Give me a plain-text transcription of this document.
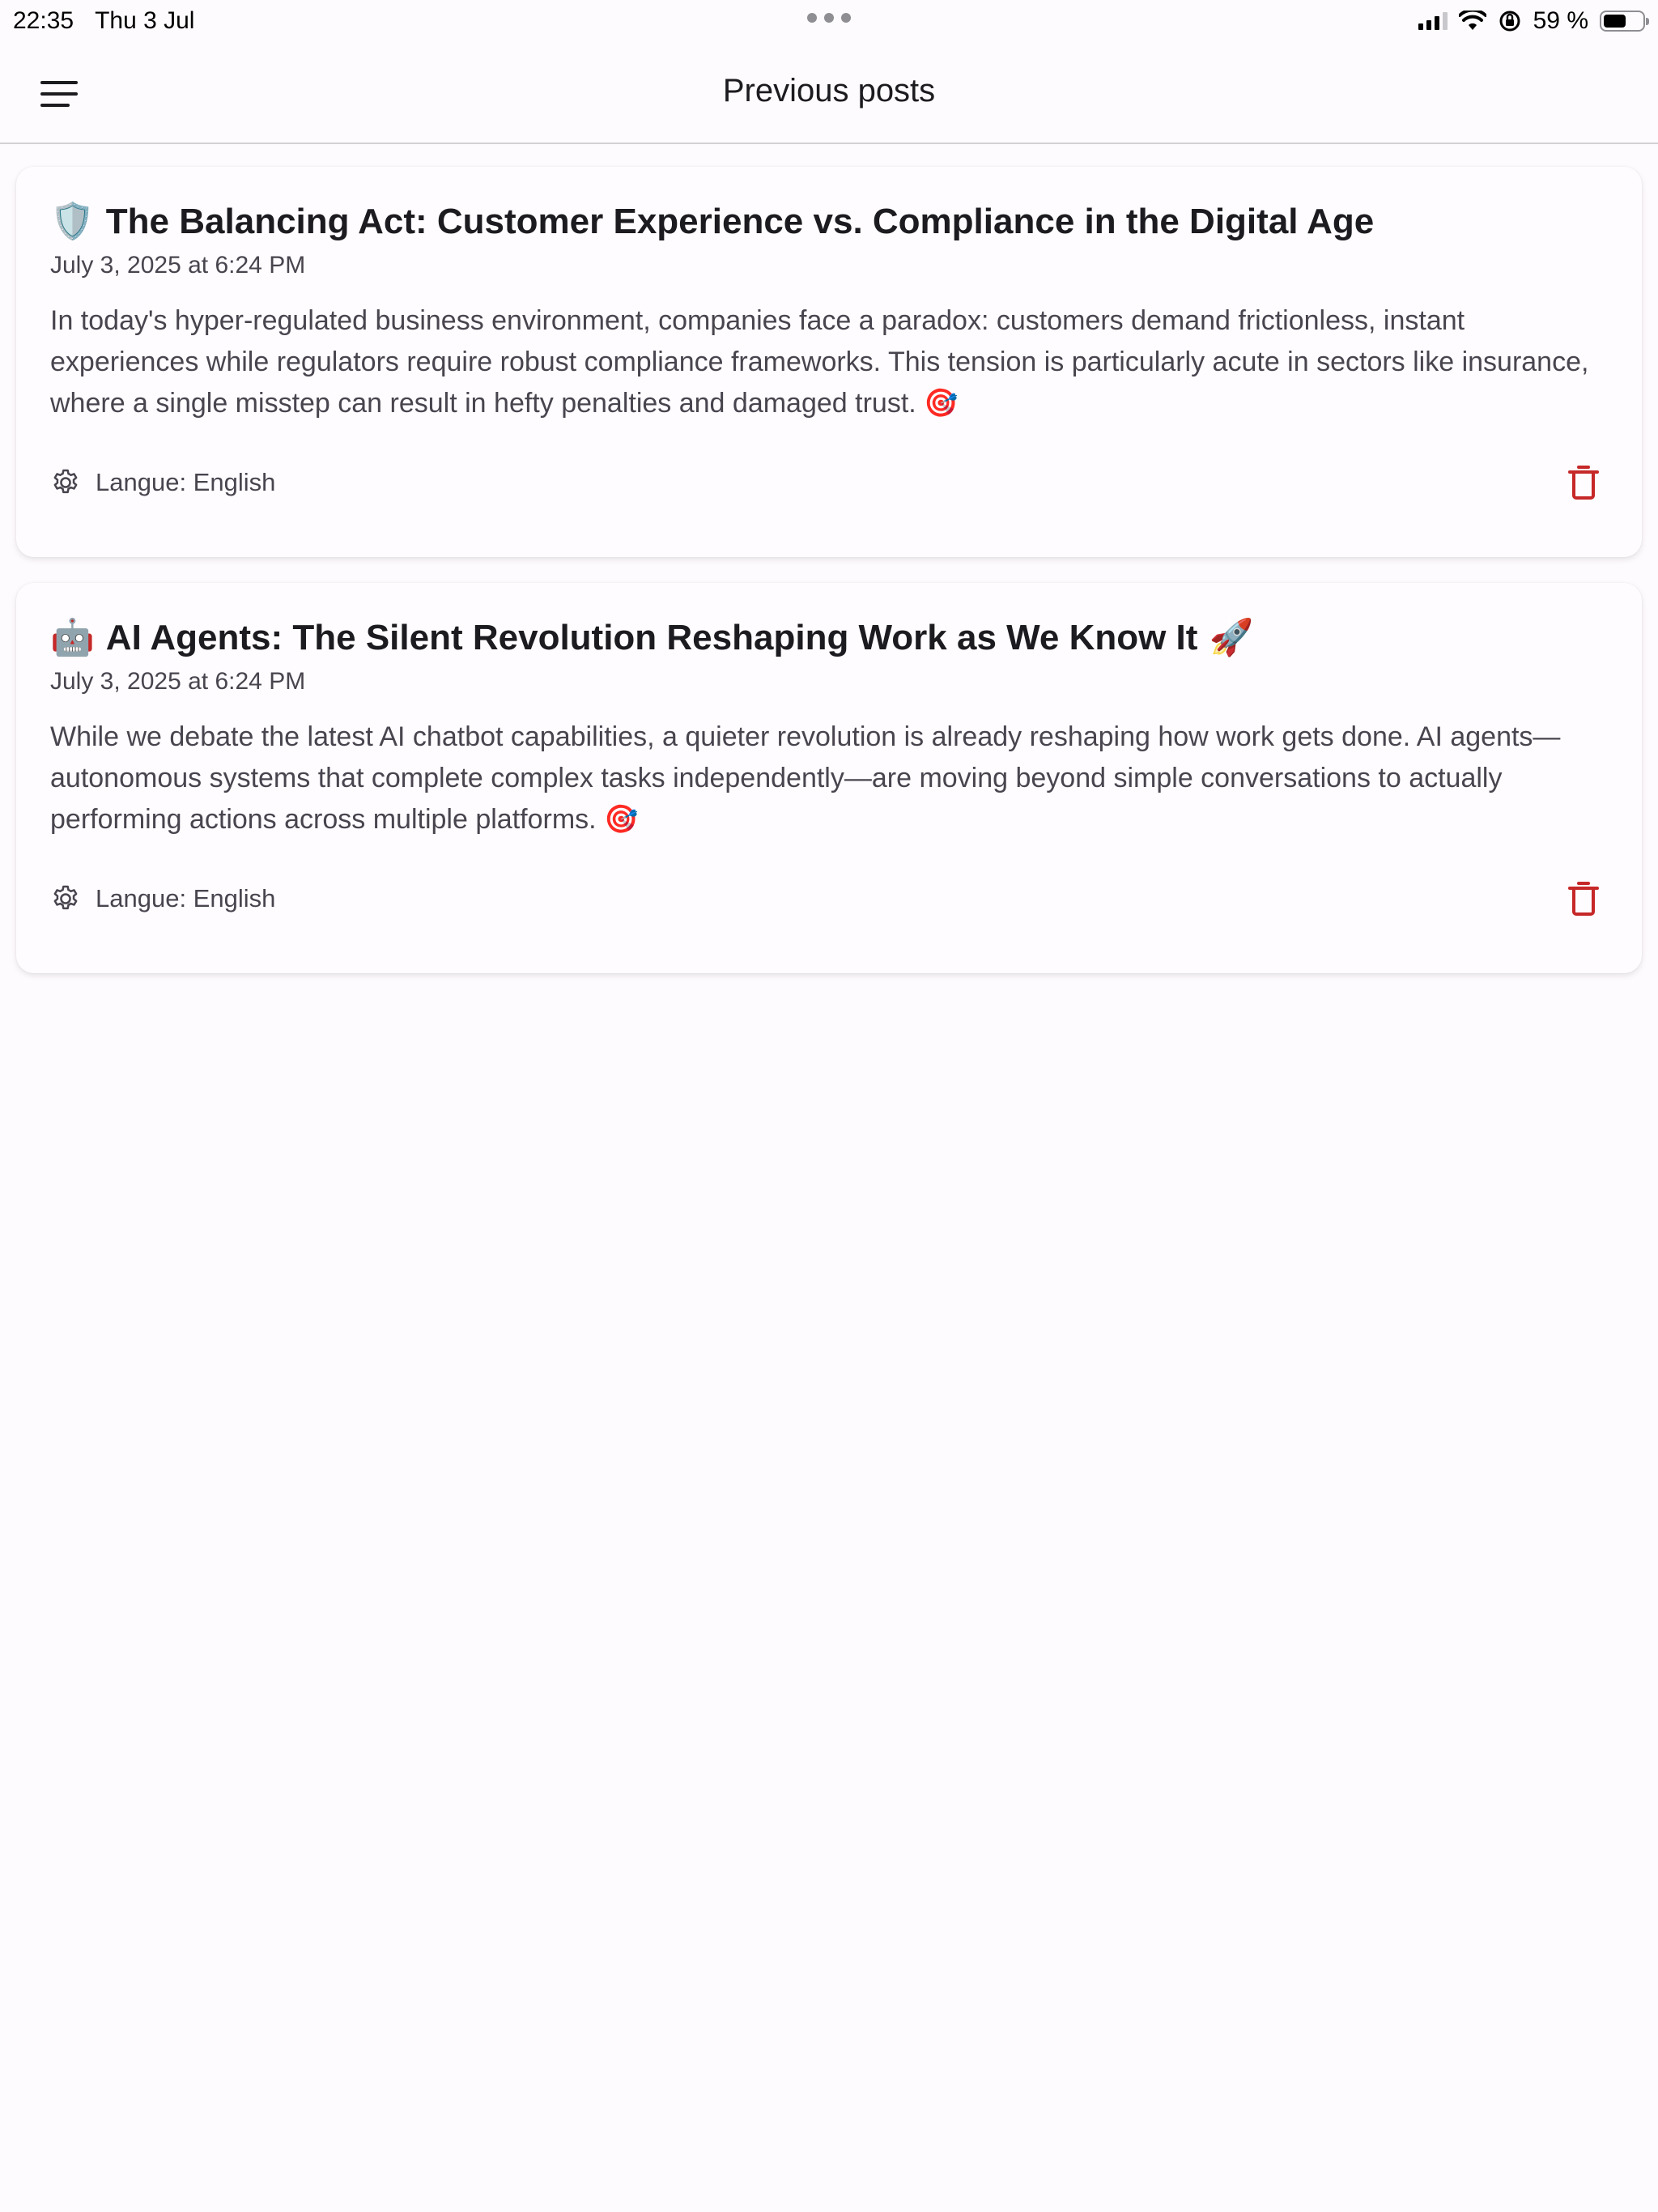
22:35 Thu 3 Jul	59 %
Previous posts
🛡️ The Balancing Act: Customer Experience vs. Compliance in the Digital Age
July 3, 2025 at 6:24 PM
In today's hyper-regulated business environment, companies face a paradox: customers demand frictionless, instant experiences while regulators require robust compliance frameworks. This tension is particularly acute in sectors like insurance, where a single misstep can result in hefty penalties and damaged trust. 🎯
Langue: English
🤖 AI Agents: The Silent Revolution Reshaping Work as We Know It 🚀
July 3, 2025 at 6:24 PM
While we debate the latest AI chatbot capabilities, a quieter revolution is already reshaping how work gets done. AI agents—autonomous systems that complete complex tasks independently—are moving beyond simple conversations to actually performing actions across multiple platforms. 🎯
Langue: English
